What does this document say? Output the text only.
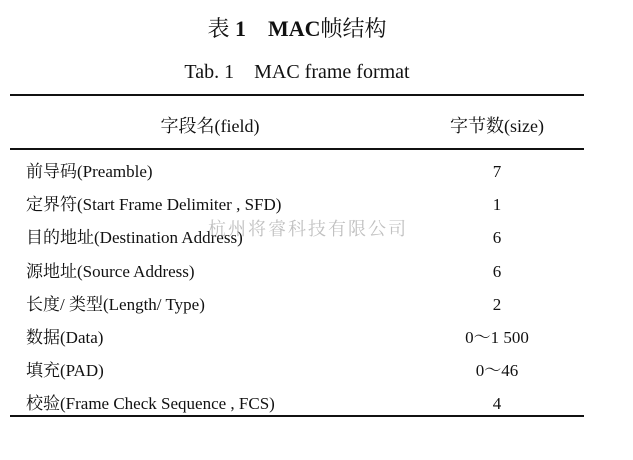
表 1 MAC帧结构
Tab. 1    MAC frame format
字段名(field)	字节数(size)
前导码(Preamble)	7
定界符(Start Frame Delimiter , SFD)	1
目的地址(Destination Address)	6
源地址(Source Address)	6
长度/ 类型(Length/ Type)	2
数据(Data)	0～1 500
填充(PAD)	0～46
校验(Frame Check Sequence , FCS)	4
杭州将睿科技有限公司
